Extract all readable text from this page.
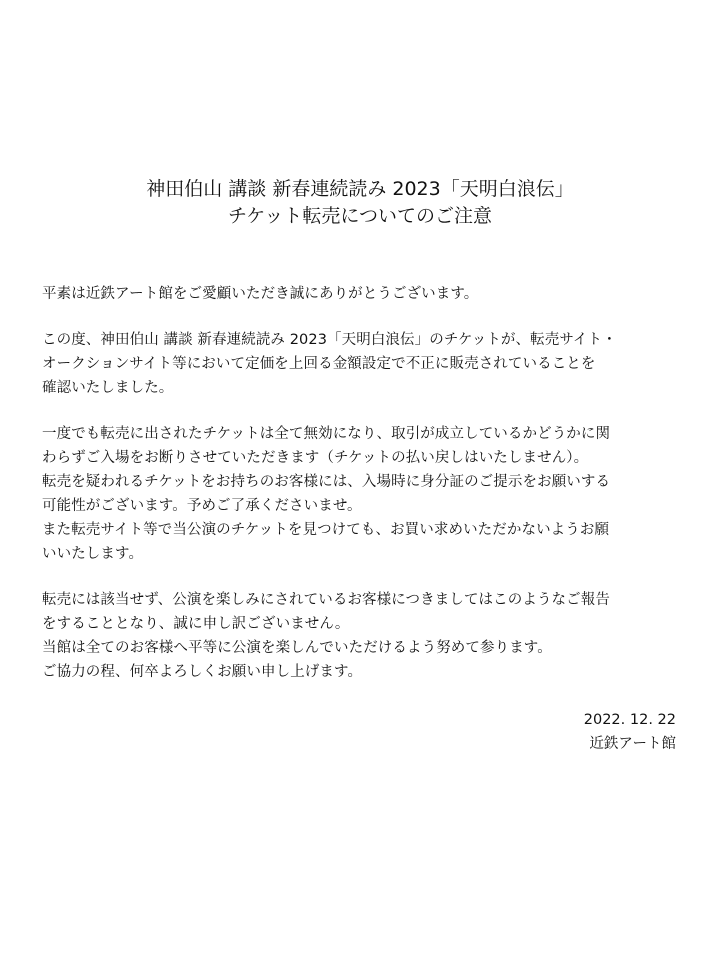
神田伯山 講談 新春連続読み 2023「天明白浪伝」

チケット転売についてのご注意

平素は近鉄アート館をご愛顧いただき誠にありがとうございます。

この度、神田伯山 講談 新春連続読み 2023「天明白浪伝」のチケットが、転売サイト・

オークションサイト等において定価を上回る金額設定で不正に販売されていることを

確認いたしました。

一度でも転売に出されたチケットは全て無効になり、取引が成立しているかどうかに関

わらずご入場をお断りさせていただきます（チケットの払い戻しはいたしません）。

転売を疑われるチケットをお持ちのお客様には、入場時に身分証のご提示をお願いする

可能性がございます。予めご了承くださいませ。

また転売サイト等で当公演のチケットを見つけても、お買い求めいただかないようお願

いいたします。

転売には該当せず、公演を楽しみにされているお客様につきましてはこのようなご報告

をすることとなり、誠に申し訳ございません。

当館は全てのお客様へ平等に公演を楽しんでいただけるよう努めて参ります。

ご協力の程、何卒よろしくお願い申し上げます。

2022. 12. 22

近鉄アート館
